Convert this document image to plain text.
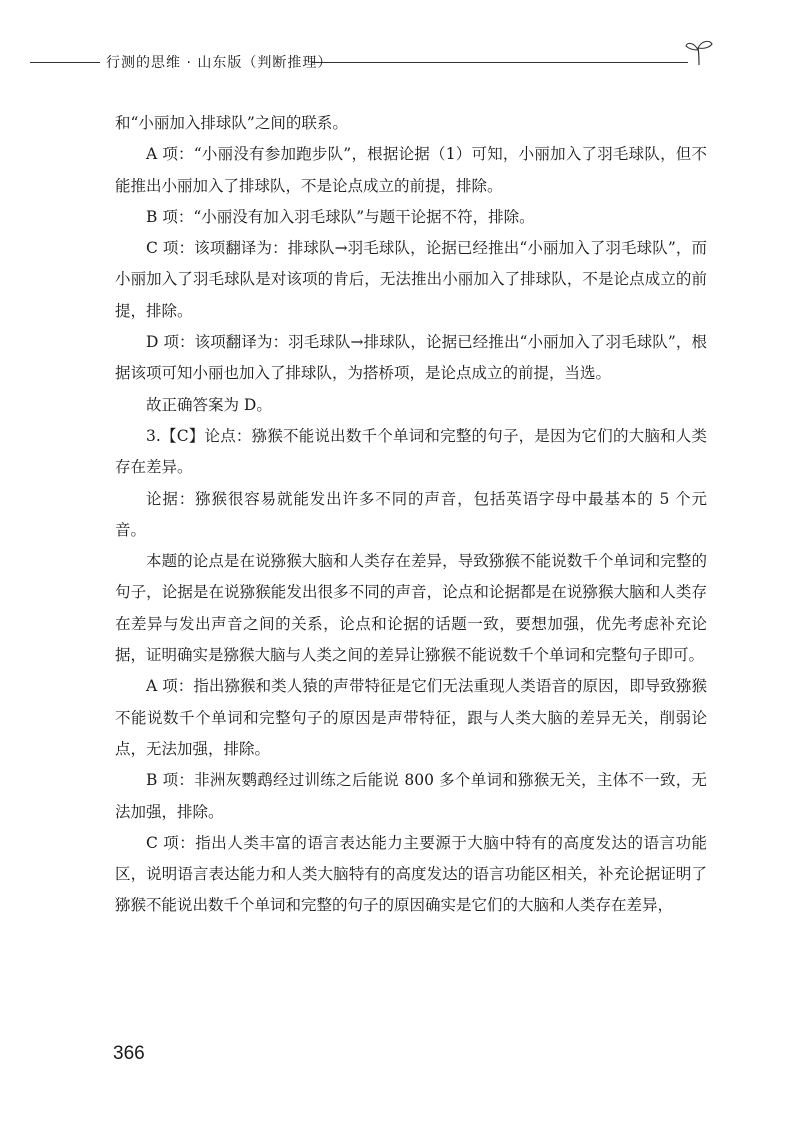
行测的思维 · 山东版（判断推理）

和“小丽加入排球队”之间的联系。

A 项：“小丽没有参加跑步队”，根据论据（1）可知，小丽加入了羽毛球队，但不能推出小丽加入了排球队，不是论点成立的前提，排除。

B 项：“小丽没有加入羽毛球队”与题干论据不符，排除。

C 项：该项翻译为：排球队→羽毛球队，论据已经推出“小丽加入了羽毛球队”，而小丽加入了羽毛球队是对该项的肯后，无法推出小丽加入了排球队，不是论点成立的前提，排除。

D 项：该项翻译为：羽毛球队→排球队，论据已经推出“小丽加入了羽毛球队”，根据该项可知小丽也加入了排球队，为搭桥项，是论点成立的前提，当选。

故正确答案为 D。

3.【C】论点：猕猴不能说出数千个单词和完整的句子，是因为它们的大脑和人类存在差异。

论据：猕猴很容易就能发出许多不同的声音，包括英语字母中最基本的 5 个元音。

本题的论点是在说猕猴大脑和人类存在差异，导致猕猴不能说数千个单词和完整的句子，论据是在说猕猴能发出很多不同的声音，论点和论据都是在说猕猴大脑和人类存在差异与发出声音之间的关系，论点和论据的话题一致，要想加强，优先考虑补充论据，证明确实是猕猴大脑与人类之间的差异让猕猴不能说数千个单词和完整句子即可。

A 项：指出猕猴和类人猿的声带特征是它们无法重现人类语音的原因，即导致猕猴不能说数千个单词和完整句子的原因是声带特征，跟与人类大脑的差异无关，削弱论点，无法加强，排除。

B 项：非洲灰鹦鹉经过训练之后能说 800 多个单词和猕猴无关，主体不一致，无法加强，排除。

C 项：指出人类丰富的语言表达能力主要源于大脑中特有的高度发达的语言功能区，说明语言表达能力和人类大脑特有的高度发达的语言功能区相关，补充论据证明了猕猴不能说出数千个单词和完整的句子的原因确实是它们的大脑和人类存在差异，

366
